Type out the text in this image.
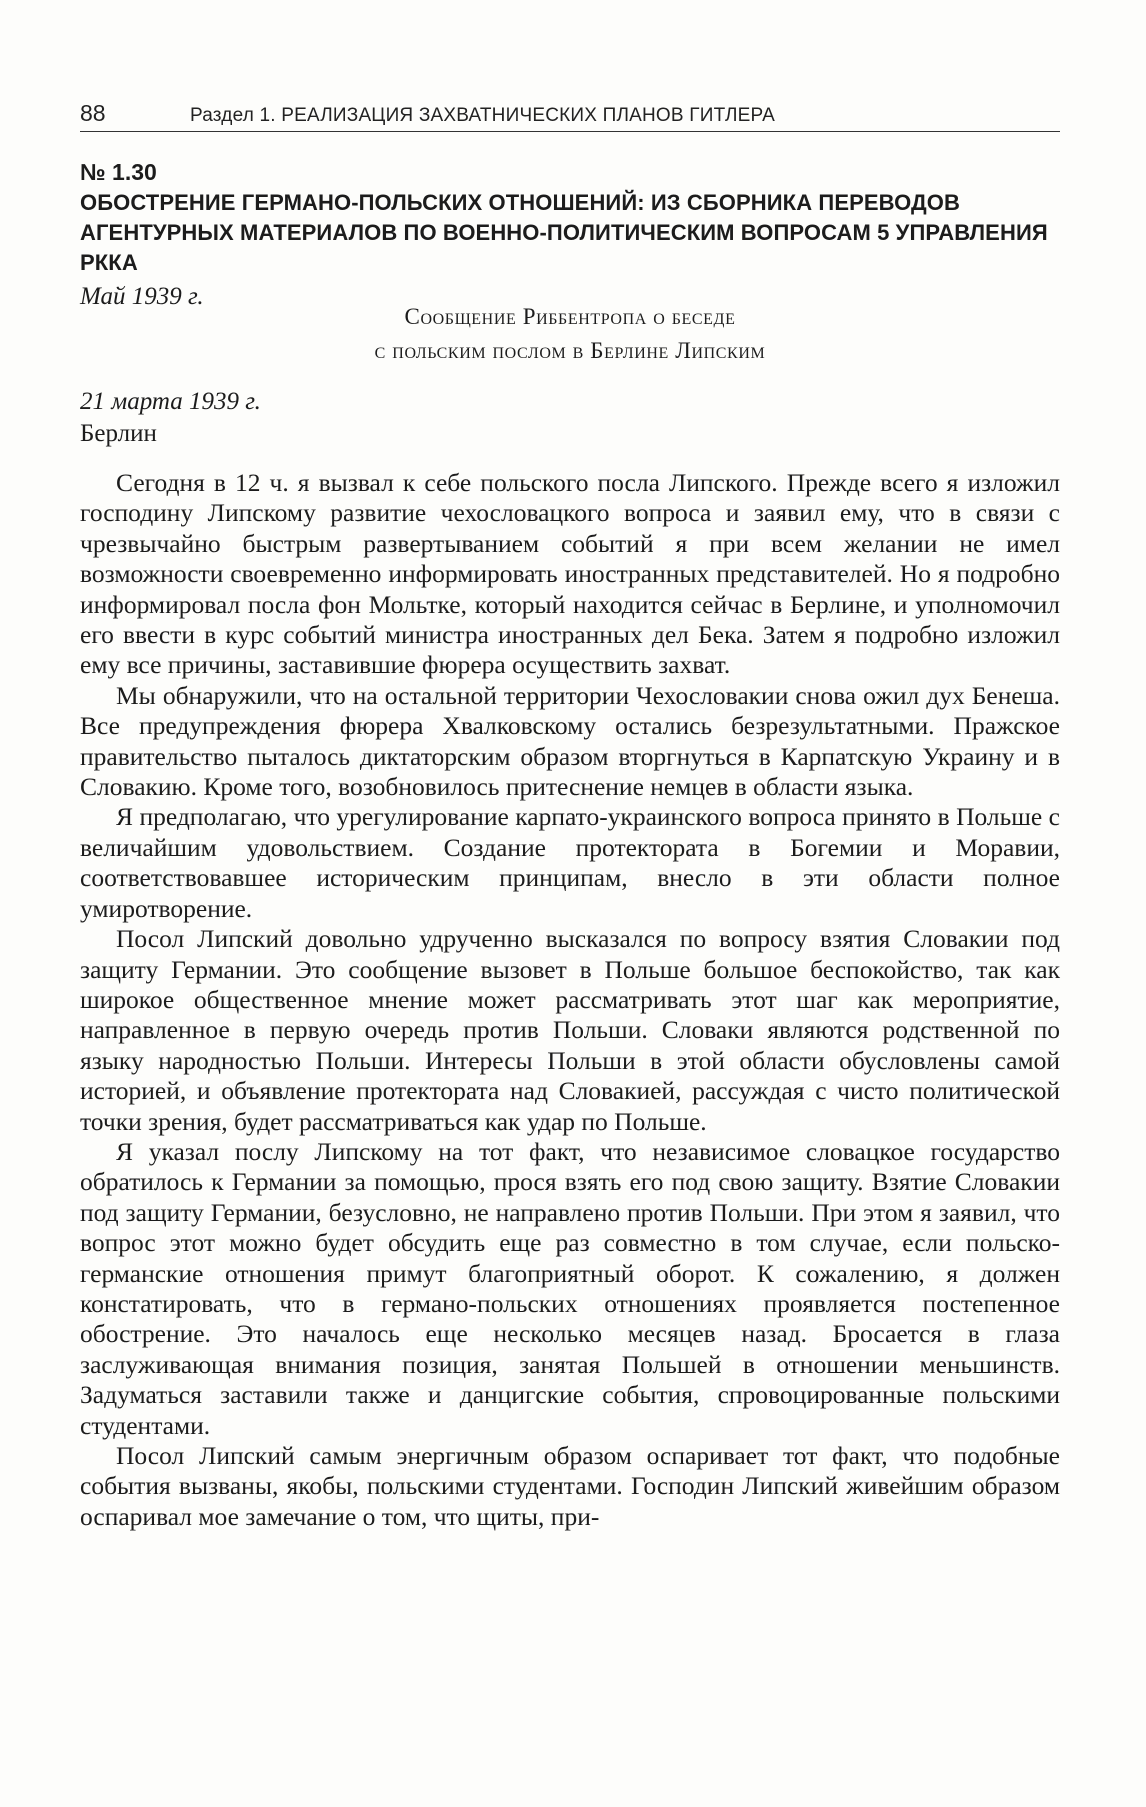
88	Раздел 1. РЕАЛИЗАЦИЯ ЗАХВАТНИЧЕСКИХ ПЛАНОВ ГИТЛЕРА
№ 1.30
ОБОСТРЕНИЕ ГЕРМАНО-ПОЛЬСКИХ ОТНОШЕНИЙ: ИЗ СБОРНИКА ПЕРЕВОДОВ АГЕНТУРНЫХ МАТЕРИАЛОВ ПО ВОЕННО-ПОЛИТИЧЕСКИМ ВОПРОСАМ 5 УПРАВЛЕНИЯ РККА
Май 1939 г.
Сообщение Риббентропа о беседе
с польским послом в Берлине Липским
21 марта 1939 г.
Берлин

Сегодня в 12 ч. я вызвал к себе польского посла Липского. Прежде всего я изложил господину Липскому развитие чехословацкого вопроса и заявил ему, что в связи с чрезвычайно быстрым развертыванием событий я при всем желании не имел возможности своевременно информировать иностранных представителей. Но я подробно информировал посла фон Мольтке, который находится сейчас в Берлине, и уполномочил его ввести в курс событий министра иностранных дел Бека. Затем я подробно изложил ему все причины, заставившие фюрера осуществить захват.

Мы обнаружили, что на остальной территории Чехословакии снова ожил дух Бенеша. Все предупреждения фюрера Хвалковскому остались безрезультатными. Пражское правительство пыталось диктаторским образом вторгнуться в Карпатскую Украину и в Словакию. Кроме того, возобновилось притеснение немцев в области языка.

Я предполагаю, что урегулирование карпато-украинского вопроса принято в Польше с величайшим удовольствием. Создание протектората в Богемии и Моравии, соответствовавшее историческим принципам, внесло в эти области полное умиротворение.

Посол Липский довольно удрученно высказался по вопросу взятия Словакии под защиту Германии. Это сообщение вызовет в Польше большое беспокойство, так как широкое общественное мнение может рассматривать этот шаг как мероприятие, направленное в первую очередь против Польши. Словаки являются родственной по языку народностью Польши. Интересы Польши в этой области обусловлены самой историей, и объявление протектората над Словакией, рассуждая с чисто политической точки зрения, будет рассматриваться как удар по Польше.

Я указал послу Липскому на тот факт, что независимое словацкое государство обратилось к Германии за помощью, прося взять его под свою защиту. Взятие Словакии под защиту Германии, безусловно, не направлено против Польши. При этом я заявил, что вопрос этот можно будет обсудить еще раз совместно в том случае, если польско-германские отношения примут благоприятный оборот. К сожалению, я должен констатировать, что в германо-польских отношениях проявляется постепенное обострение. Это началось еще несколько месяцев назад. Бросается в глаза заслуживающая внимания позиция, занятая Польшей в отношении меньшинств. Задуматься заставили также и данцигские события, спровоцированные польскими студентами.

Посол Липский самым энергичным образом оспаривает тот факт, что подобные события вызваны, якобы, польскими студентами. Господин Липский живейшим образом оспаривал мое замечание о том, что щиты, при-
